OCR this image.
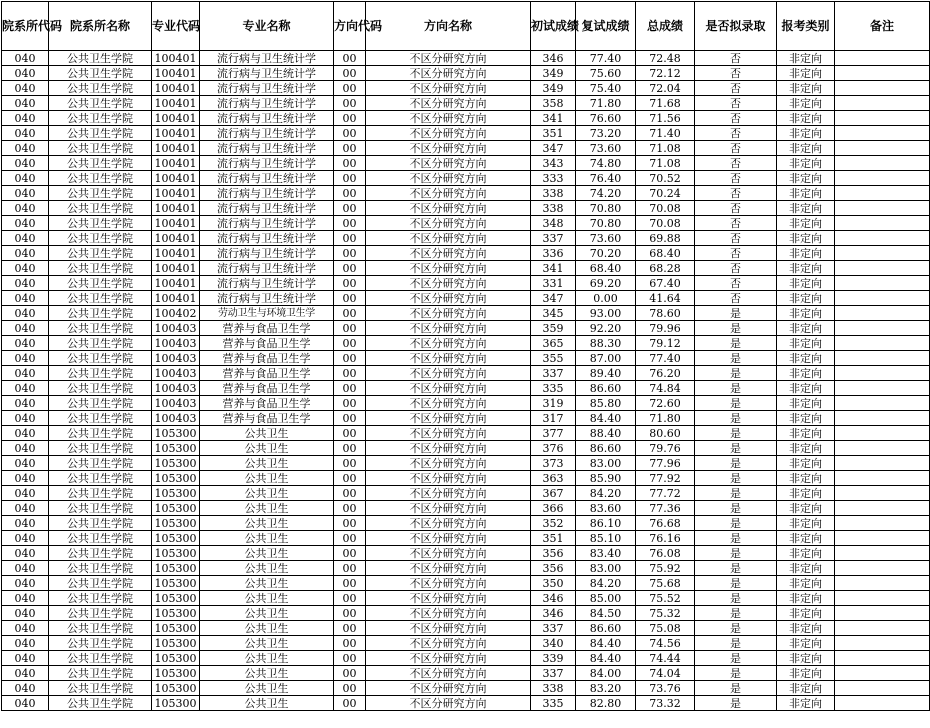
院系所代码	院系所名称	专业代码	专业名称	方向代码	方向名称	初试成绩	复试成绩	总成绩	是否拟录取	报考类别	备注
040	公共卫生学院	100401	流行病与卫生统计学	00	不区分研究方向	346	77.40	72.48	否	非定向	
040	公共卫生学院	100401	流行病与卫生统计学	00	不区分研究方向	349	75.60	72.12	否	非定向	
040	公共卫生学院	100401	流行病与卫生统计学	00	不区分研究方向	349	75.40	72.04	否	非定向	
040	公共卫生学院	100401	流行病与卫生统计学	00	不区分研究方向	358	71.80	71.68	否	非定向	
040	公共卫生学院	100401	流行病与卫生统计学	00	不区分研究方向	341	76.60	71.56	否	非定向	
040	公共卫生学院	100401	流行病与卫生统计学	00	不区分研究方向	351	73.20	71.40	否	非定向	
040	公共卫生学院	100401	流行病与卫生统计学	00	不区分研究方向	347	73.60	71.08	否	非定向	
040	公共卫生学院	100401	流行病与卫生统计学	00	不区分研究方向	343	74.80	71.08	否	非定向	
040	公共卫生学院	100401	流行病与卫生统计学	00	不区分研究方向	333	76.40	70.52	否	非定向	
040	公共卫生学院	100401	流行病与卫生统计学	00	不区分研究方向	338	74.20	70.24	否	非定向	
040	公共卫生学院	100401	流行病与卫生统计学	00	不区分研究方向	338	70.80	70.08	否	非定向	
040	公共卫生学院	100401	流行病与卫生统计学	00	不区分研究方向	348	70.80	70.08	否	非定向	
040	公共卫生学院	100401	流行病与卫生统计学	00	不区分研究方向	337	73.60	69.88	否	非定向	
040	公共卫生学院	100401	流行病与卫生统计学	00	不区分研究方向	336	70.20	68.40	否	非定向	
040	公共卫生学院	100401	流行病与卫生统计学	00	不区分研究方向	341	68.40	68.28	否	非定向	
040	公共卫生学院	100401	流行病与卫生统计学	00	不区分研究方向	331	69.20	67.40	否	非定向	
040	公共卫生学院	100401	流行病与卫生统计学	00	不区分研究方向	347	0.00	41.64	否	非定向	
040	公共卫生学院	100402	劳动卫生与环境卫生学	00	不区分研究方向	345	93.00	78.60	是	非定向	
040	公共卫生学院	100403	营养与食品卫生学	00	不区分研究方向	359	92.20	79.96	是	非定向	
040	公共卫生学院	100403	营养与食品卫生学	00	不区分研究方向	365	88.30	79.12	是	非定向	
040	公共卫生学院	100403	营养与食品卫生学	00	不区分研究方向	355	87.00	77.40	是	非定向	
040	公共卫生学院	100403	营养与食品卫生学	00	不区分研究方向	337	89.40	76.20	是	非定向	
040	公共卫生学院	100403	营养与食品卫生学	00	不区分研究方向	335	86.60	74.84	是	非定向	
040	公共卫生学院	100403	营养与食品卫生学	00	不区分研究方向	319	85.80	72.60	是	非定向	
040	公共卫生学院	100403	营养与食品卫生学	00	不区分研究方向	317	84.40	71.80	是	非定向	
040	公共卫生学院	105300	公共卫生	00	不区分研究方向	377	88.40	80.60	是	非定向	
040	公共卫生学院	105300	公共卫生	00	不区分研究方向	376	86.60	79.76	是	非定向	
040	公共卫生学院	105300	公共卫生	00	不区分研究方向	373	83.00	77.96	是	非定向	
040	公共卫生学院	105300	公共卫生	00	不区分研究方向	363	85.90	77.92	是	非定向	
040	公共卫生学院	105300	公共卫生	00	不区分研究方向	367	84.20	77.72	是	非定向	
040	公共卫生学院	105300	公共卫生	00	不区分研究方向	366	83.60	77.36	是	非定向	
040	公共卫生学院	105300	公共卫生	00	不区分研究方向	352	86.10	76.68	是	非定向	
040	公共卫生学院	105300	公共卫生	00	不区分研究方向	351	85.10	76.16	是	非定向	
040	公共卫生学院	105300	公共卫生	00	不区分研究方向	356	83.40	76.08	是	非定向	
040	公共卫生学院	105300	公共卫生	00	不区分研究方向	356	83.00	75.92	是	非定向	
040	公共卫生学院	105300	公共卫生	00	不区分研究方向	350	84.20	75.68	是	非定向	
040	公共卫生学院	105300	公共卫生	00	不区分研究方向	346	85.00	75.52	是	非定向	
040	公共卫生学院	105300	公共卫生	00	不区分研究方向	346	84.50	75.32	是	非定向	
040	公共卫生学院	105300	公共卫生	00	不区分研究方向	337	86.60	75.08	是	非定向	
040	公共卫生学院	105300	公共卫生	00	不区分研究方向	340	84.40	74.56	是	非定向	
040	公共卫生学院	105300	公共卫生	00	不区分研究方向	339	84.40	74.44	是	非定向	
040	公共卫生学院	105300	公共卫生	00	不区分研究方向	337	84.00	74.04	是	非定向	
040	公共卫生学院	105300	公共卫生	00	不区分研究方向	338	83.20	73.76	是	非定向	
040	公共卫生学院	105300	公共卫生	00	不区分研究方向	335	82.80	73.32	是	非定向	
